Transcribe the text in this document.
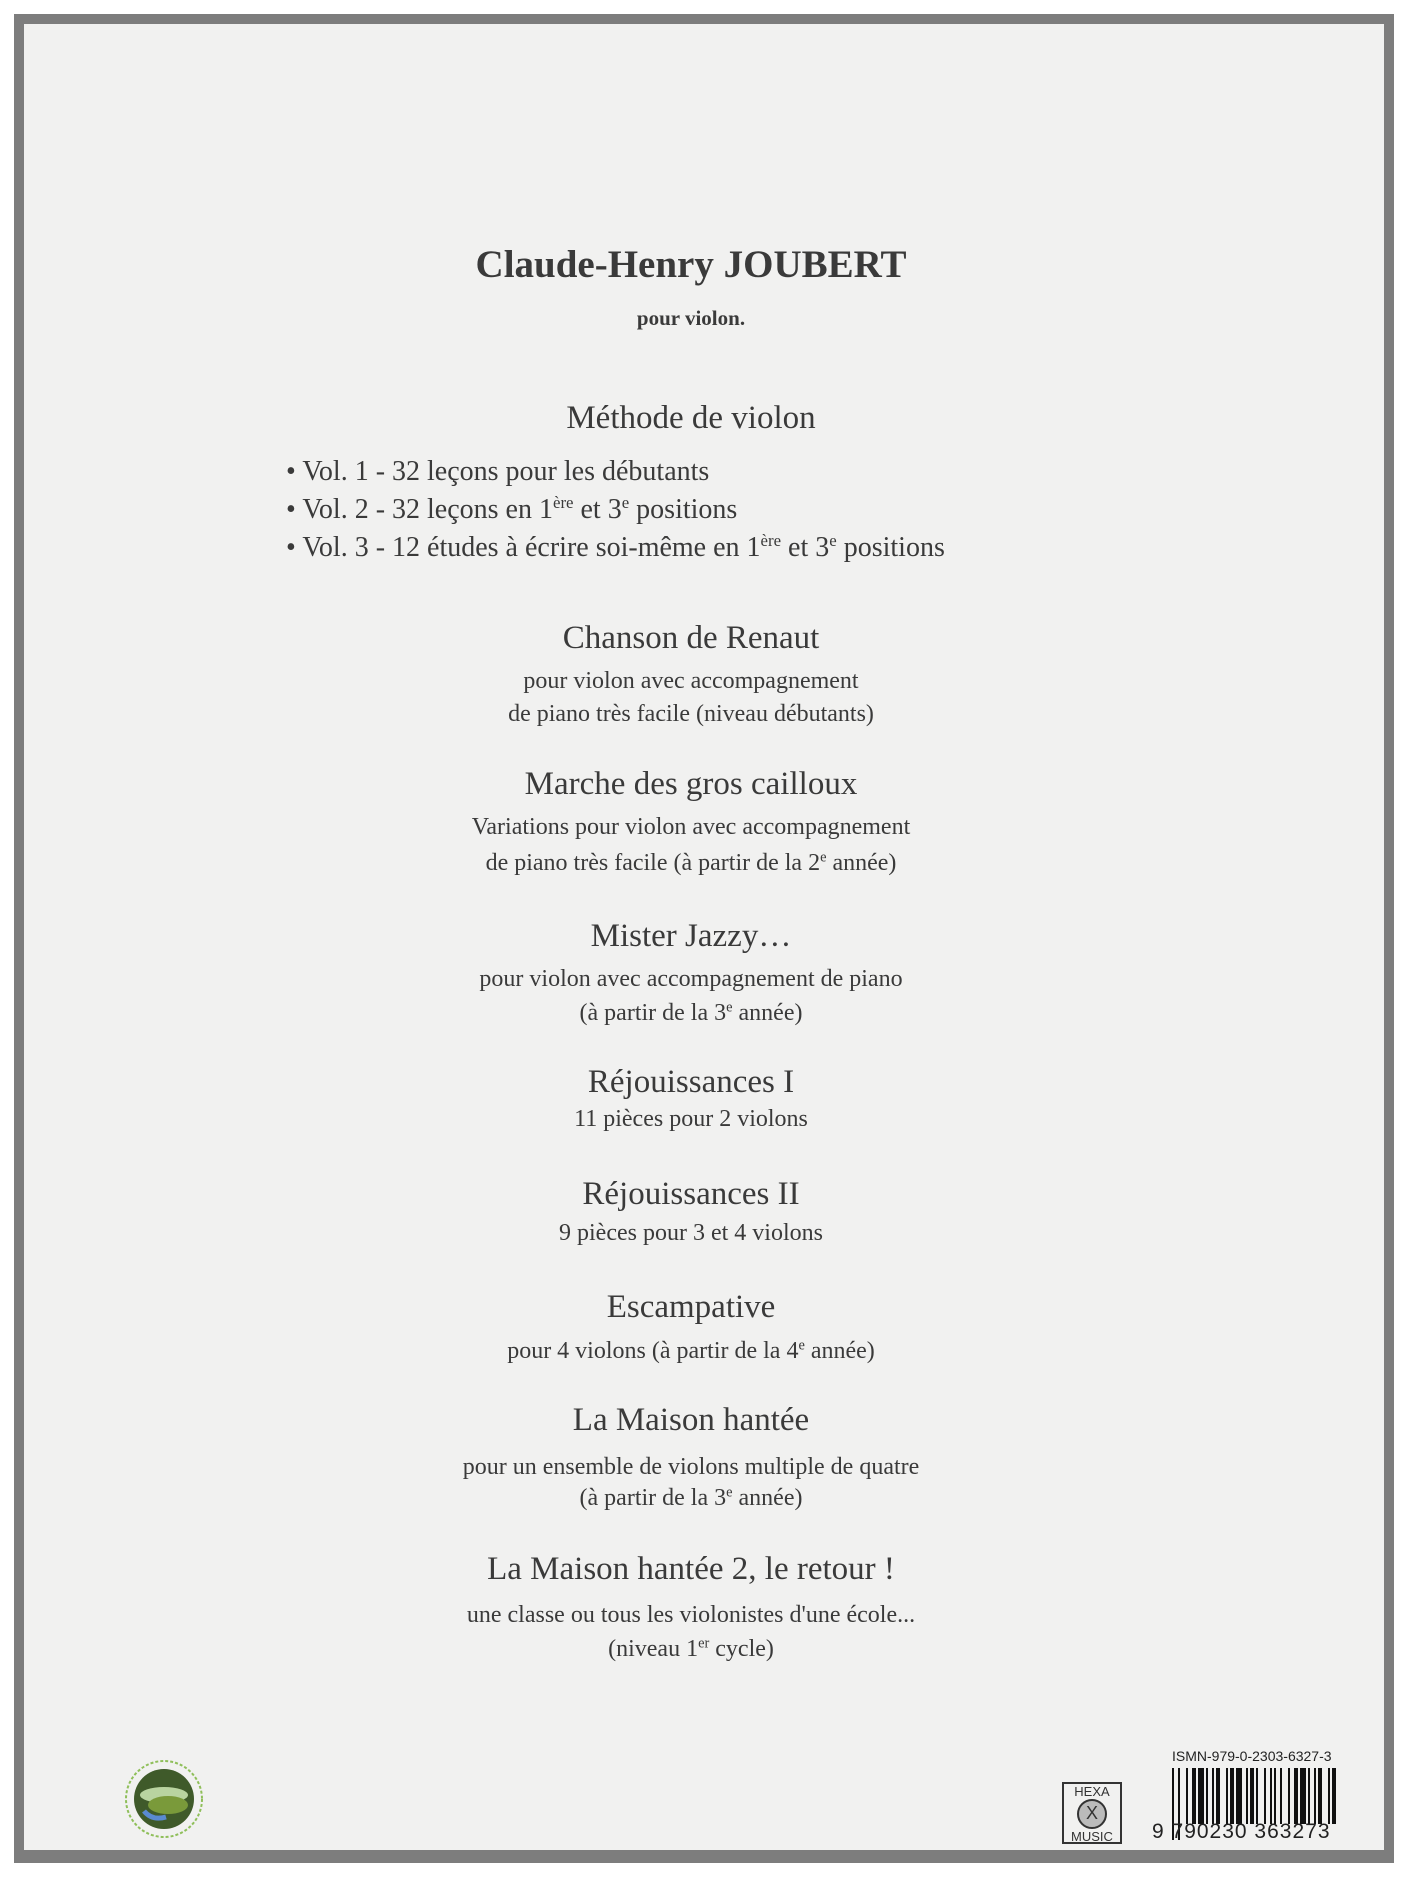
Claude-Henry JOUBERT
pour violon.
Méthode de violon
• Vol. 1 - 32 leçons pour les débutants
• Vol. 2 - 32 leçons en 1ère et 3e positions
• Vol. 3 - 12 études à écrire soi-même en 1ère et 3e positions
Chanson de Renaut
pour violon avec accompagnement
de piano très facile (niveau débutants)
Marche des gros cailloux
Variations pour violon avec accompagnement
de piano très facile (à partir de la 2e année)
Mister Jazzy…
pour violon avec accompagnement de piano
(à partir de la 3e année)
Réjouissances I
11 pièces pour 2 violons
Réjouissances II
9 pièces pour 3 et 4 violons
Escampative
pour 4 violons (à partir de la 4e année)
La Maison hantée
pour un ensemble de violons multiple de quatre
(à partir de la 3e année)
La Maison hantée 2, le retour !
une classe ou tous les violonistes d'une école...
(niveau 1er cycle)
HEXA
X
MUSIC
ISMN-979-0-2303-6327-3
9 790230 363273
